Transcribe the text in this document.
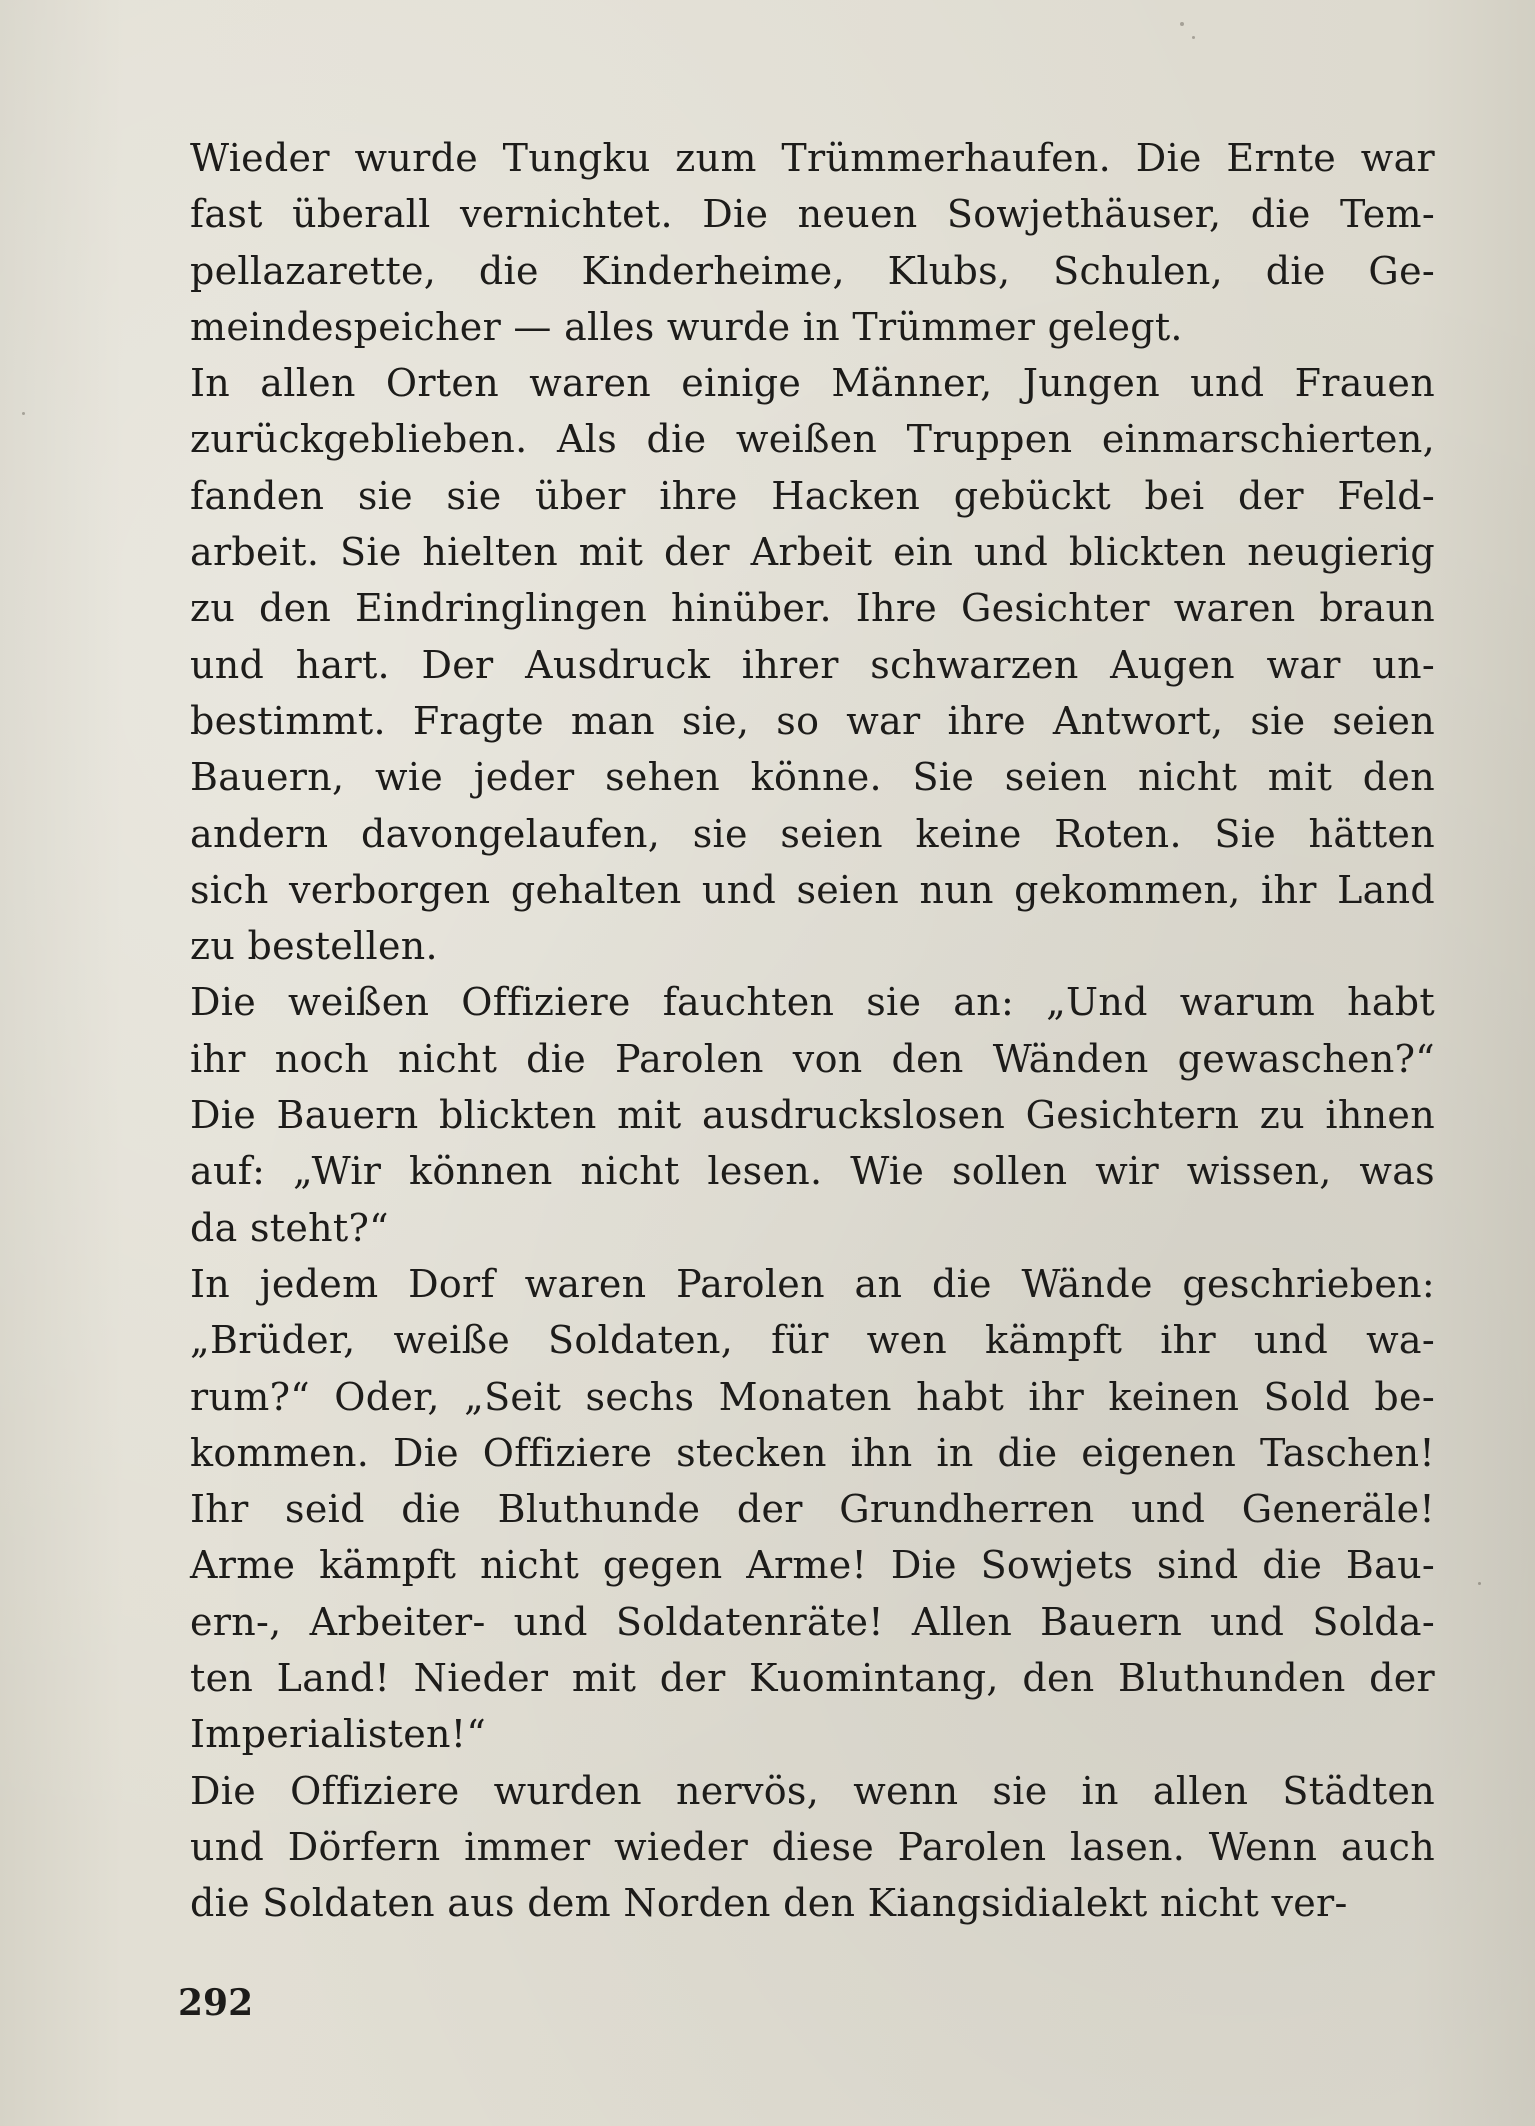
Wieder wurde Tungku zum Trümmerhaufen. Die Ernte war
fast überall vernichtet. Die neuen Sowjethäuser, die Tem-
pellazarette, die Kinderheime, Klubs, Schulen, die Ge-
meindespeicher — alles wurde in Trümmer gelegt.
In allen Orten waren einige Männer, Jungen und Frauen
zurückgeblieben. Als die weißen Truppen einmarschierten,
fanden sie sie über ihre Hacken gebückt bei der Feld-
arbeit. Sie hielten mit der Arbeit ein und blickten neugierig
zu den Eindringlingen hinüber. Ihre Gesichter waren braun
und hart. Der Ausdruck ihrer schwarzen Augen war un-
bestimmt. Fragte man sie, so war ihre Antwort, sie seien
Bauern, wie jeder sehen könne. Sie seien nicht mit den
andern davongelaufen, sie seien keine Roten. Sie hätten
sich verborgen gehalten und seien nun gekommen, ihr Land
zu bestellen.
Die weißen Offiziere fauchten sie an: „Und warum habt
ihr noch nicht die Parolen von den Wänden gewaschen?“
Die Bauern blickten mit ausdruckslosen Gesichtern zu ihnen
auf: „Wir können nicht lesen. Wie sollen wir wissen, was
da steht?“
In jedem Dorf waren Parolen an die Wände geschrieben:
„Brüder, weiße Soldaten, für wen kämpft ihr und wa-
rum?“ Oder, „Seit sechs Monaten habt ihr keinen Sold be-
kommen. Die Offiziere stecken ihn in die eigenen Taschen!
Ihr seid die Bluthunde der Grundherren und Generäle!
Arme kämpft nicht gegen Arme! Die Sowjets sind die Bau-
ern-, Arbeiter- und Soldatenräte! Allen Bauern und Solda-
ten Land! Nieder mit der Kuomintang, den Bluthunden der
Imperialisten!“
Die Offiziere wurden nervös, wenn sie in allen Städten
und Dörfern immer wieder diese Parolen lasen. Wenn auch
die Soldaten aus dem Norden den Kiangsidialekt nicht ver-
292
